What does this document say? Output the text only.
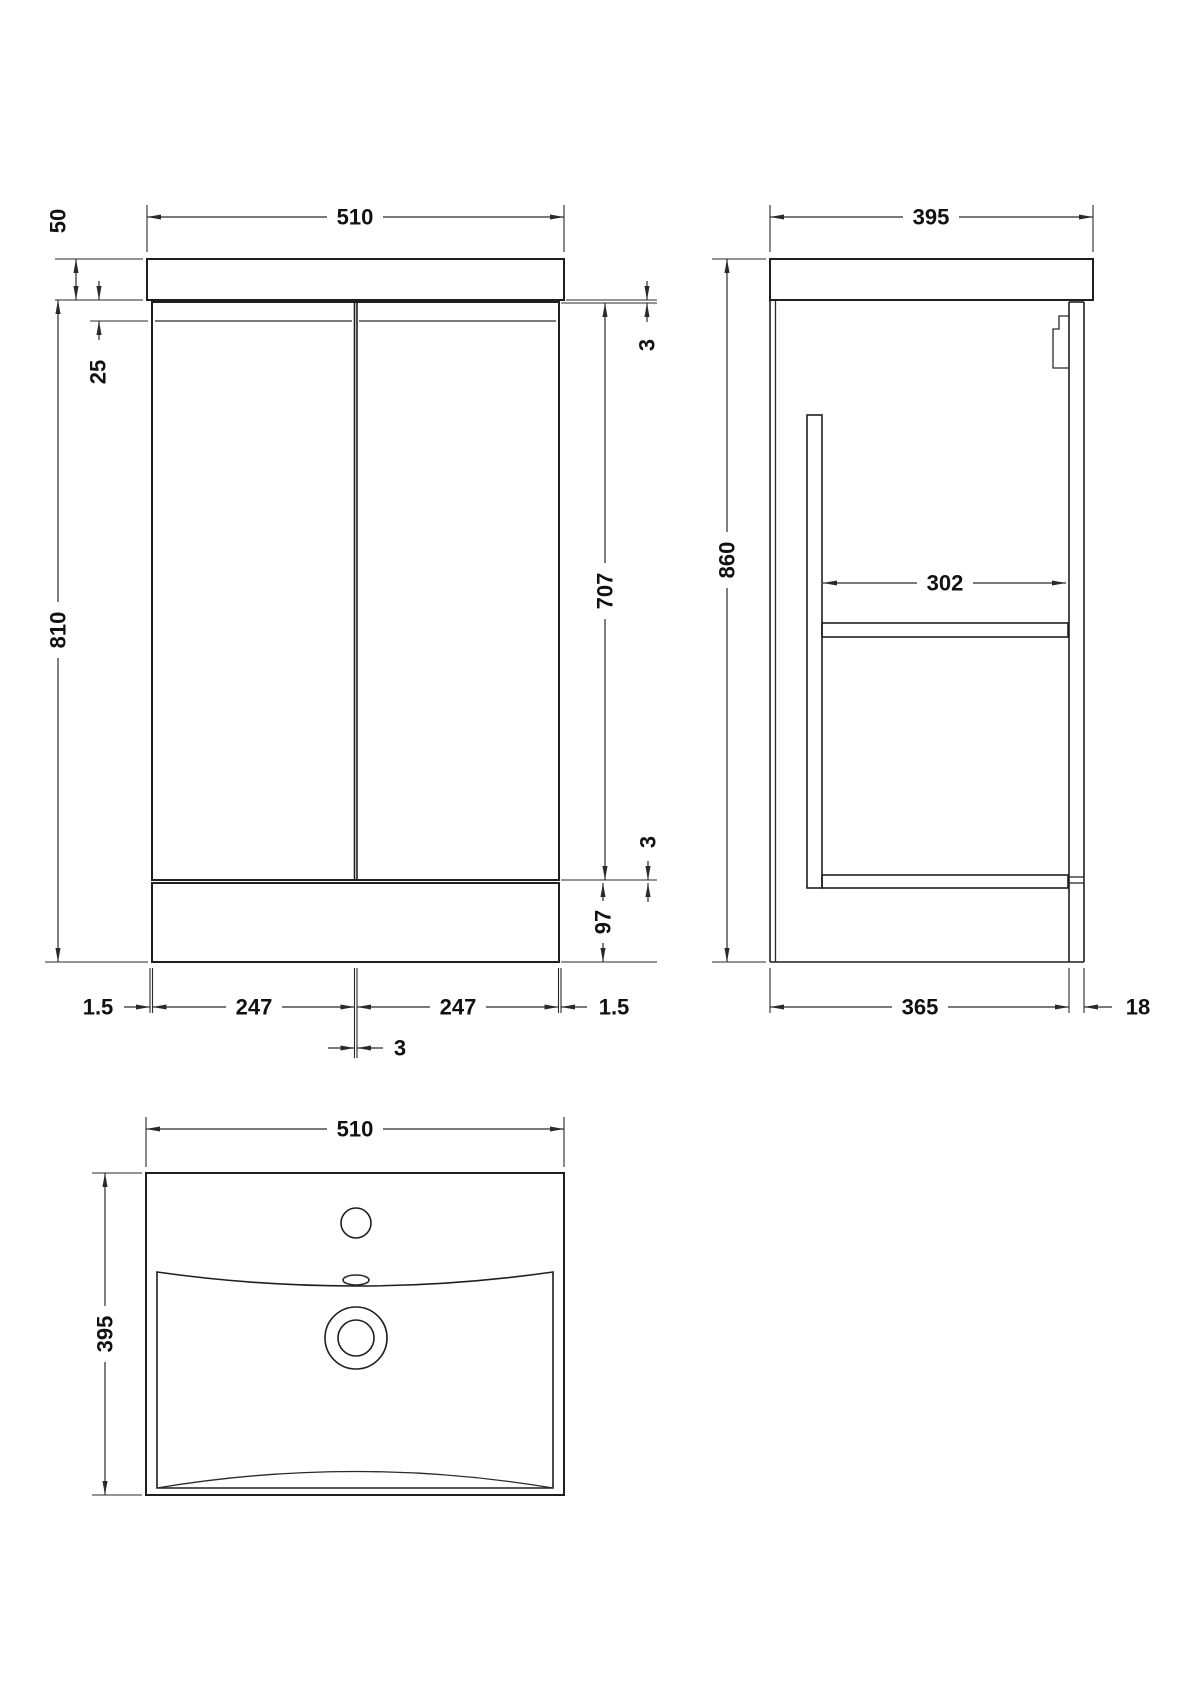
510
50
25
810
3
707
3
97
1.5	247	247	1.5
3
395
860
302
365	18
510
395
